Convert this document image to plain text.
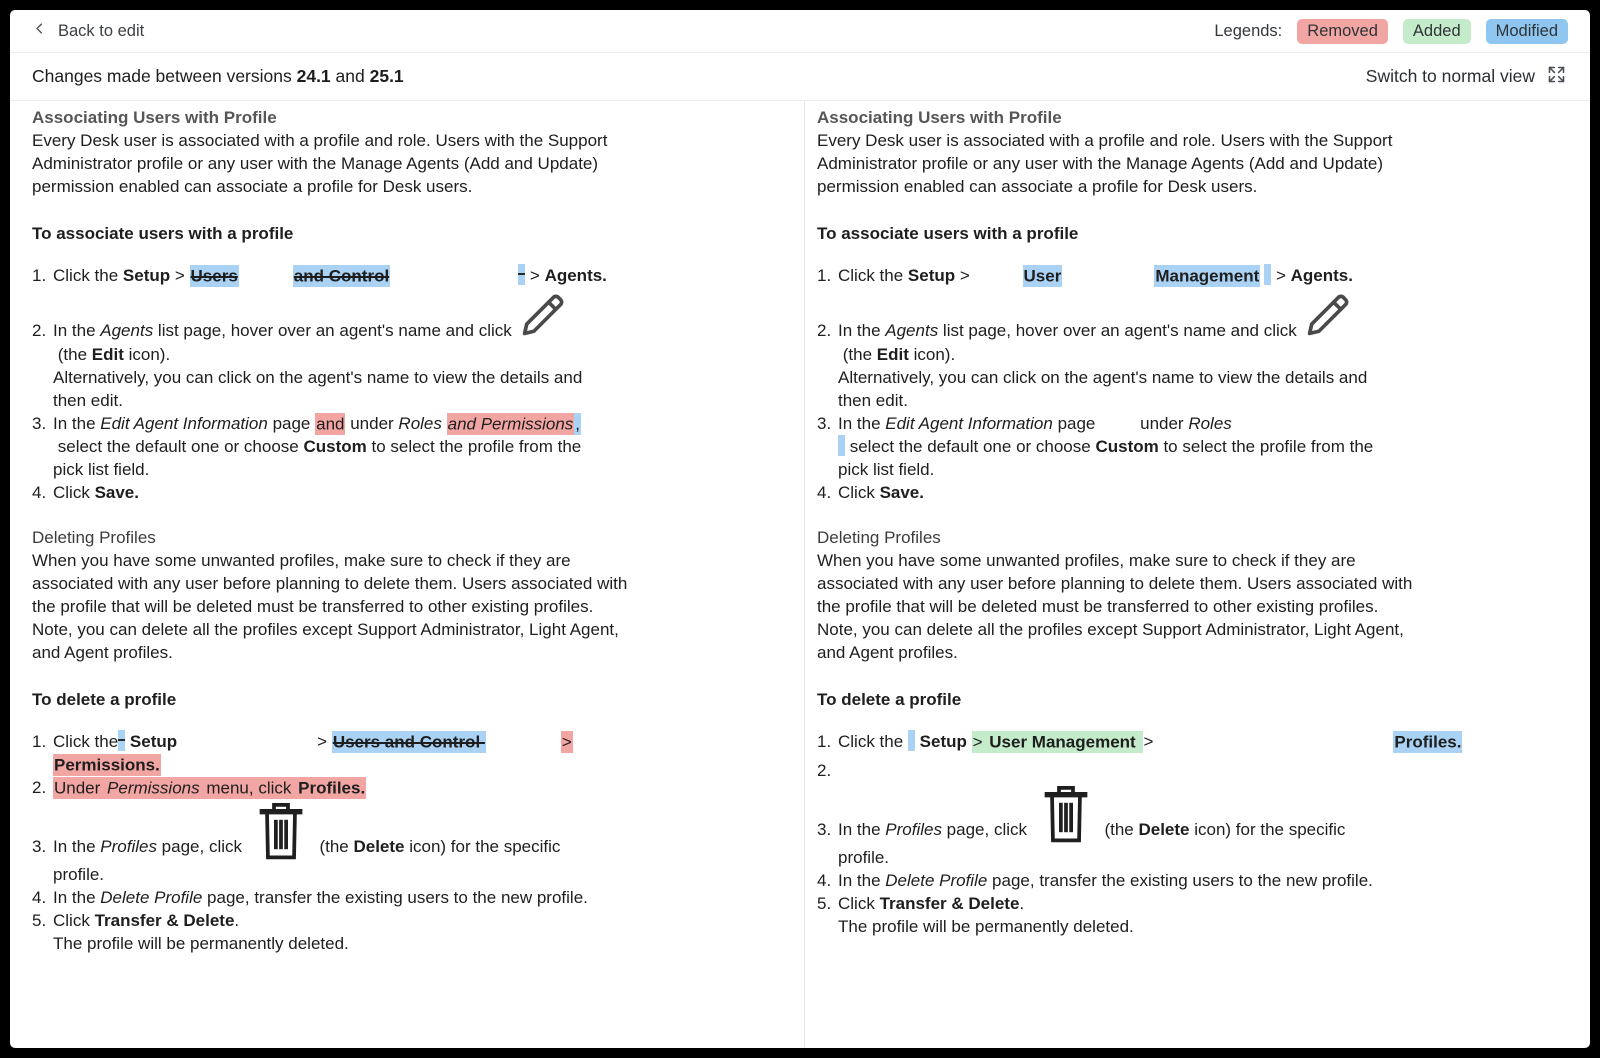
Back to edit	Legends:	Removed	Added	Modified
Changes made between versions 24.1 and 25.1	Switch to normal view
Associating Users with Profile
Every Desk user is associated with a profile and role. Users with the Support
Administrator profile or any user with the Manage Agents (Add and Update)
permission enabled can associate a profile for Desk users.
To associate users with a profile
1. Click the Setup > Users	and Control	> Agents.
2. In the Agents list page, hover over an agent's name and click
(the Edit icon).
Alternatively, you can click on the agent's name to view the details and
then edit.
3. In the Edit Agent Information page and under Roles and Permissions ,
select the default one or choose Custom to select the profile from the
pick list field.
4. Click Save.
Deleting Profiles
When you have some unwanted profiles, make sure to check if they are
associated with any user before planning to delete them. Users associated with
the profile that will be deleted must be transferred to other existing profiles.
Note, you can delete all the profiles except Support Administrator, Light Agent,
and Agent profiles.
To delete a profile
1. Click the Setup	> Users and Control	>
Permissions.
2. Under Permissions menu, click Profiles.
3. In the Profiles page, click	(the Delete icon) for the specific
profile.
4. In the Delete Profile page, transfer the existing users to the new profile.
5. Click Transfer & Delete.
The profile will be permanently deleted.
Associating Users with Profile
Every Desk user is associated with a profile and role. Users with the Support
Administrator profile or any user with the Manage Agents (Add and Update)
permission enabled can associate a profile for Desk users.
To associate users with a profile
1. Click the Setup >	User	Management > Agents.
2. In the Agents list page, hover over an agent's name and click
(the Edit icon).
Alternatively, you can click on the agent's name to view the details and
then edit.
3. In the Edit Agent Information page under Roles
select the default one or choose Custom to select the profile from the
pick list field.
4. Click Save.
Deleting Profiles
When you have some unwanted profiles, make sure to check if they are
associated with any user before planning to delete them. Users associated with
the profile that will be deleted must be transferred to other existing profiles.
Note, you can delete all the profiles except Support Administrator, Light Agent,
and Agent profiles.
To delete a profile
1. Click the  Setup > User Management >	Profiles.
2.
3. In the Profiles page, click	(the Delete icon) for the specific
profile.
4. In the Delete Profile page, transfer the existing users to the new profile.
5. Click Transfer & Delete.
The profile will be permanently deleted.
